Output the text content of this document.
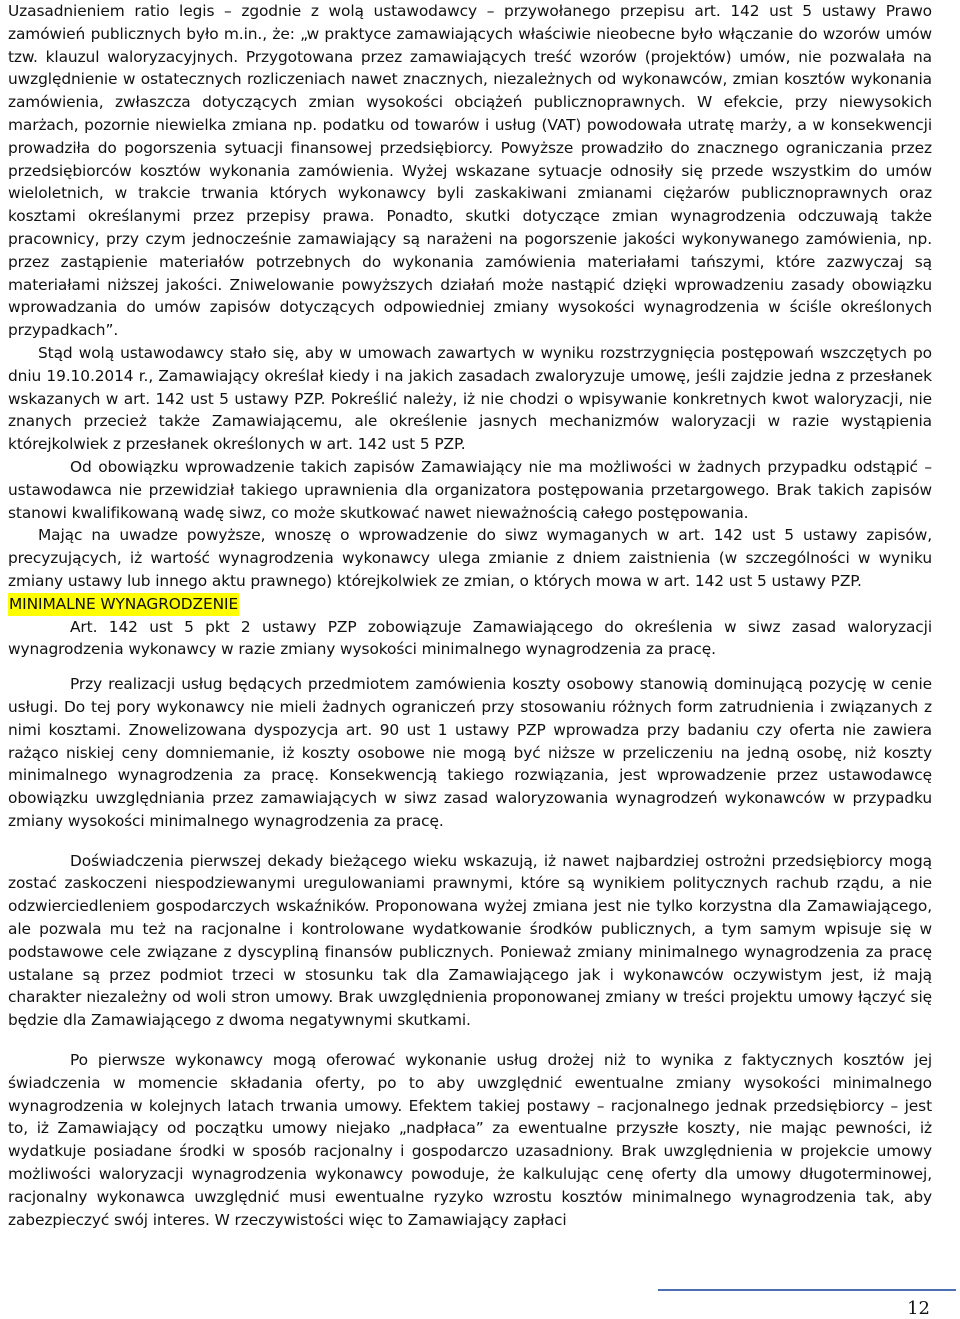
Uzasadnieniem ratio legis – zgodnie z wolą ustawodawcy – przywołanego przepisu art. 142 ust 5 ustawy Prawo zamówień publicznych było m.in., że: „w praktyce zamawiających właściwie nieobecne było włączanie do wzorów umów tzw. klauzul waloryzacyjnych. Przygotowana przez zamawiających treść wzorów (projektów) umów, nie pozwalała na uwzględnienie w ostatecznych rozliczeniach nawet znacznych, niezależnych od wykonawców, zmian kosztów wykonania zamówienia, zwłaszcza dotyczących zmian wysokości obciążeń publicznoprawnych. W efekcie, przy niewysokich marżach, pozornie niewielka zmiana np. podatku od towarów i usług (VAT) powodowała utratę marży, a w konsekwencji prowadziła do pogorszenia sytuacji finansowej przedsiębiorcy. Powyższe prowadziło do znacznego ograniczania przez przedsiębiorców kosztów wykonania zamówienia. Wyżej wskazane sytuacje odnosiły się przede wszystkim do umów wieloletnich, w trakcie trwania których wykonawcy byli zaskakiwani zmianami ciężarów publicznoprawnych oraz kosztami określanymi przez przepisy prawa. Ponadto, skutki dotyczące zmian wynagrodzenia odczuwają także pracownicy, przy czym jednocześnie zamawiający są narażeni na pogorszenie jakości wykonywanego zamówienia, np. przez zastąpienie materiałów potrzebnych do wykonania zamówienia materiałami tańszymi, które zazwyczaj są materiałami niższej jakości. Zniwelowanie powyższych działań może nastąpić dzięki wprowadzeniu zasady obowiązku wprowadzania do umów zapisów dotyczących odpowiedniej zmiany wysokości wynagrodzenia w ściśle określonych przypadkach”.

Stąd wolą ustawodawcy stało się, aby w umowach zawartych w wyniku rozstrzygnięcia postępowań wszczętych po dniu 19.10.2014 r., Zamawiający określał kiedy i na jakich zasadach zwaloryzuje umowę, jeśli zajdzie jedna z przesłanek wskazanych w art. 142 ust 5 ustawy PZP. Pokreślić należy, iż nie chodzi o wpisywanie konkretnych kwot waloryzacji, nie znanych przecież także Zamawiającemu, ale określenie jasnych mechanizmów waloryzacji w razie wystąpienia którejkolwiek z przesłanek określonych w art. 142 ust 5 PZP.

Od obowiązku wprowadzenie takich zapisów Zamawiający nie ma możliwości w żadnych przypadku odstąpić – ustawodawca nie przewidział takiego uprawnienia dla organizatora postępowania przetargowego. Brak takich zapisów stanowi kwalifikowaną wadę siwz, co może skutkować nawet nieważnością całego postępowania.

Mając na uwadze powyższe, wnoszę o wprowadzenie do siwz wymaganych w art. 142 ust 5 ustawy zapisów, precyzujących, iż wartość wynagrodzenia wykonawcy ulega zmianie z dniem zaistnienia (w szczególności w wyniku zmiany ustawy lub innego aktu prawnego) którejkolwiek ze zmian, o których mowa w art. 142 ust 5 ustawy PZP.

MINIMALNE WYNAGRODZENIE

Art. 142 ust 5 pkt 2 ustawy PZP zobowiązuje Zamawiającego do określenia w siwz zasad waloryzacji wynagrodzenia wykonawcy w razie zmiany wysokości minimalnego wynagrodzenia za pracę.

Przy realizacji usług będących przedmiotem zamówienia koszty osobowy stanowią dominującą pozycję w cenie usługi. Do tej pory wykonawcy nie mieli żadnych ograniczeń przy stosowaniu różnych form zatrudnienia i związanych z nimi kosztami. Znowelizowana dyspozycja art. 90 ust 1 ustawy PZP wprowadza przy badaniu czy oferta nie zawiera rażąco niskiej ceny domniemanie, iż koszty osobowe nie mogą być niższe w przeliczeniu na jedną osobę, niż koszty minimalnego wynagrodzenia za pracę. Konsekwencją takiego rozwiązania, jest wprowadzenie przez ustawodawcę obowiązku uwzględniania przez zamawiających w siwz zasad waloryzowania wynagrodzeń wykonawców w przypadku zmiany wysokości minimalnego wynagrodzenia za pracę.

Doświadczenia pierwszej dekady bieżącego wieku wskazują, iż nawet najbardziej ostrożni przedsiębiorcy mogą zostać zaskoczeni niespodziewanymi uregulowaniami prawnymi, które są wynikiem politycznych rachub rządu, a nie odzwierciedleniem gospodarczych wskaźników. Proponowana wyżej zmiana jest nie tylko korzystna dla Zamawiającego, ale pozwala mu też na racjonalne i kontrolowane wydatkowanie środków publicznych, a tym samym wpisuje się w podstawowe cele związane z dyscypliną finansów publicznych. Ponieważ zmiany minimalnego wynagrodzenia za pracę ustalane są przez podmiot trzeci w stosunku tak dla Zamawiającego jak i wykonawców oczywistym jest, iż mają charakter niezależny od woli stron umowy. Brak uwzględnienia proponowanej zmiany w treści projektu umowy łączyć się będzie dla Zamawiającego z dwoma negatywnymi skutkami.

Po pierwsze wykonawcy mogą oferować wykonanie usług drożej niż to wynika z faktycznych kosztów jej świadczenia w momencie składania oferty, po to aby uwzględnić ewentualne zmiany wysokości minimalnego wynagrodzenia w kolejnych latach trwania umowy. Efektem takiej postawy – racjonalnego jednak przedsiębiorcy – jest to, iż Zamawiający od początku umowy niejako „nadpłaca” za ewentualne przyszłe koszty, nie mając pewności, iż wydatkuje posiadane środki w sposób racjonalny i gospodarczo uzasadniony. Brak uwzględnienia w projekcie umowy możliwości waloryzacji wynagrodzenia wykonawcy powoduje, że kalkulując cenę oferty dla umowy długoterminowej, racjonalny wykonawca uwzględnić musi ewentualne ryzyko wzrostu kosztów minimalnego wynagrodzenia tak, aby zabezpieczyć swój interes. W rzeczywistości więc to Zamawiający zapłaci

12
